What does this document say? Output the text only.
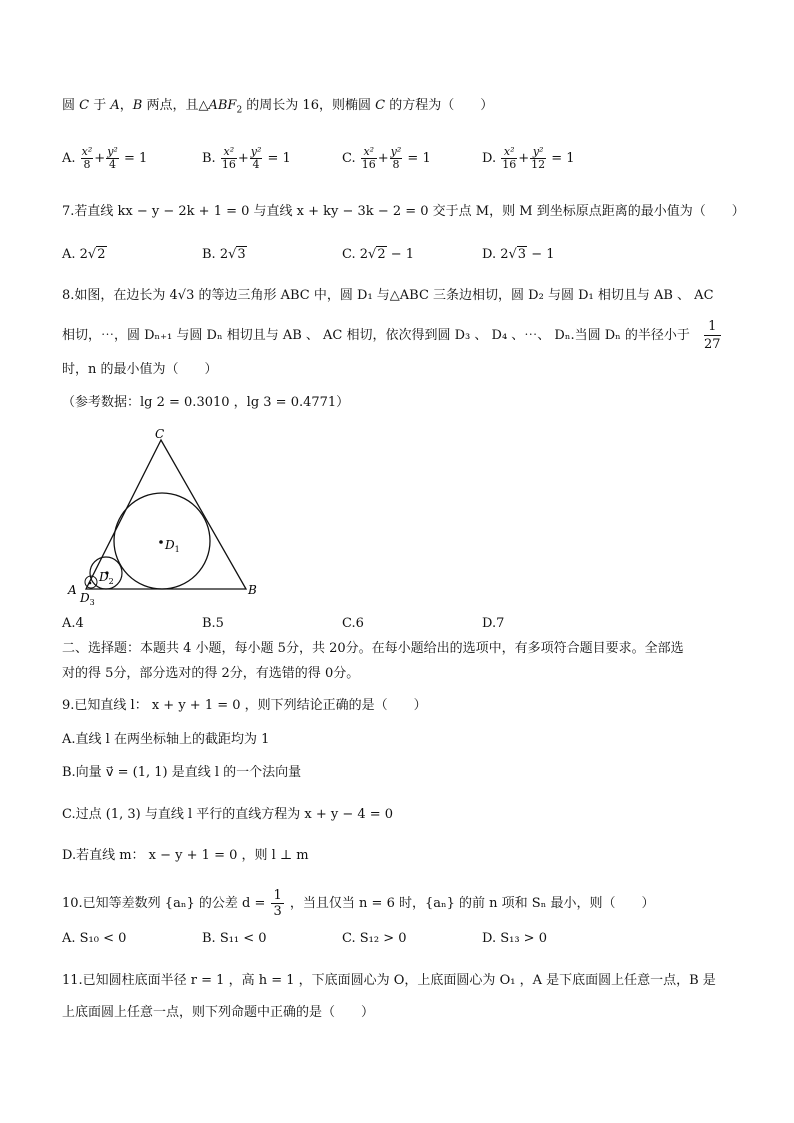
圆 C 于 A，B 两点，且$\triangle ABF_2$ 的周长为 16，则椭圆 C 的方程为（　　）
A. $\frac{\text{x²}}{8} + \frac{\text{y²}}{4} = 1$	B. $\frac{\text{x²}}{16} + \frac{\text{y²}}{4} = 1$	C. $\frac{\text{x²}}{16} + \frac{\text{y²}}{8} = 1$	D. $\frac{\text{x²}}{16} + \frac{\text{y²}}{12} = 1$
7.若直线 kx − y − 2k + 1 = 0 与直线 x + ky − 3k − 2 = 0 交于点 M，则 M 到坐标原点距离的最小值为（　　）
A. 2√2	B. 2√3	C. 2√2 − 1	D. 2√3 − 1
8.如图，在边长为 4√3 的等边三角形 ABC 中，圆 D₁ 与△ABC 三条边相切，圆 D₂ 与圆 D₁ 相切且与 AB 、 AC
相切，⋯，圆 Dₙ₊₁ 与圆 Dₙ 相切且与 AB 、 AC 相切，依次得到圆 D₃ 、 D₄ 、⋯、 Dₙ.当圆 Dₙ 的半径小于 $\frac{1}{27}$
时，n 的最小值为（　　）
（参考数据：lg 2 = 0.3010 ，lg 3 = 0.4771）
C
A	B
$D_1$
$D_2$
$D_3$
A.4	B.5	C.6	D.7
二、选择题：本题共 4 小题，每小题 5分，共 20分。在每小题给出的选项中，有多项符合题目要求。全部选
对的得 5分，部分选对的得 2分，有选错的得 0分。
9.已知直线 l： x + y + 1 = 0 ，则下列结论正确的是（　　）
A.直线 l 在两坐标轴上的截距均为 1
B.向量 v⃗ = (1, 1) 是直线 l 的一个法向量
C.过点 (1, 3) 与直线 l 平行的直线方程为 x + y − 4 = 0
D.若直线 m： x − y + 1 = 0 ，则 l ⊥ m
10.已知等差数列 {aₙ} 的公差 $d = \frac{1}{3}$ ，当且仅当 n = 6 时，{aₙ} 的前 n 项和 Sₙ 最小，则（　　）
A. S₁₀ < 0	B. S₁₁ < 0	C. S₁₂ > 0	D. S₁₃ > 0
11.已知圆柱底面半径 r = 1 ，高 h = 1 ，下底面圆心为 O，上底面圆心为 O₁ ，A 是下底面圆上任意一点，B 是
上底面圆上任意一点，则下列命题中正确的是（　　）
